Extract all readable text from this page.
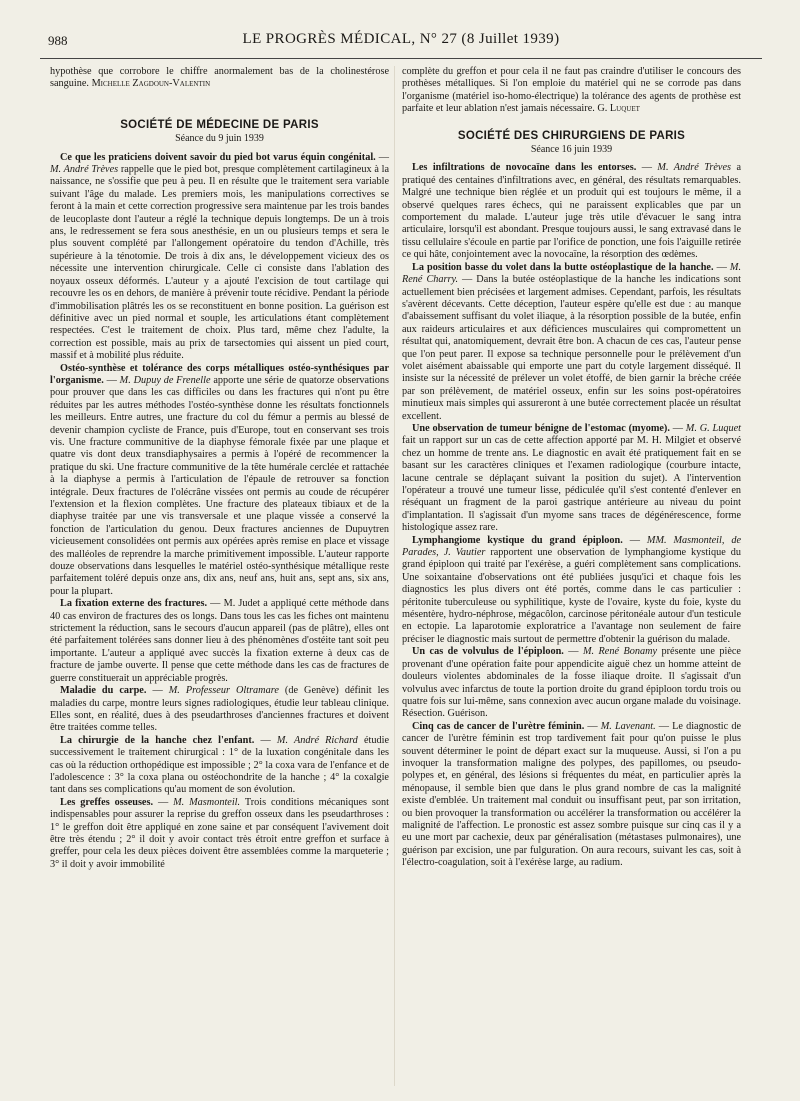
988	LE PROGRÈS MÉDICAL, N° 27 (8 Juillet 1939)

hypothèse que corrobore le chiffre anormalement bas de la cholinestérose sanguine. Michelle Zagdoun-Valentin

SOCIÉTÉ DE MÉDECINE DE PARIS
Séance du 9 juin 1939

Ce que les praticiens doivent savoir du pied bot varus équin congénital. — M. André Trèves rappelle que le pied bot, presque complètement cartilagineux à la naissance, ne s'ossifie que peu à peu. Il en résulte que le traitement sera variable suivant l'âge du malade. Les premiers mois, les manipulations correctives se feront à la main et cette correction progressive sera maintenue par les trois bandes de leucoplaste dont l'auteur a réglé la technique depuis longtemps. De un à trois ans, le redressement se fera sous anesthésie, en un ou plusieurs temps et sera le plus souvent complété par l'allongement opératoire du tendon d'Achille, très supérieure à la ténotomie. De trois à dix ans, le développement vicieux des os nécessite une intervention chirurgicale. Celle ci consiste dans l'ablation des noyaux osseux déformés. L'auteur y a ajouté l'excision de tout cartilage qui recouvre les os en dehors, de manière à prévenir toute récidive. Pendant la période d'immobilisation plâtrés les os se reconstituent en bonne position. La guérison est définitive avec un pied normal et souple, les articulations étant complètement respectées. C'est le traitement de choix. Plus tard, même chez l'adulte, la correction est possible, mais au prix de tarsectomies qui aissent un pied court, massif et à mobilité plus réduite.

Ostéo-synthèse et tolérance des corps métalliques ostéo-synthésiques par l'organisme. — M. Dupuy de Frenelle apporte une série de quatorze observations pour prouver que dans les cas difficiles ou dans les fractures qui n'ont pu être réduites par les autres méthodes l'ostéo-synthèse donne les résultats fonctionnels les meilleurs. Entre autres, une fracture du col du fémur a permis au blessé de devenir champion cycliste de France, puis d'Europe, tout en conservant ses trois vis. Une fracture communitive de la diaphyse fémorale fixée par une plaque et quatre vis dont deux transdiaphysaires a permis à l'opéré de recommencer la pratique du ski. Une fracture communitive de la tête humérale cerclée et rattachée à la diaphyse a permis à l'articulation de l'épaule de retrouver sa fonction intégrale. Deux fractures de l'olécrâne vissées ont permis au coude de récupérer l'extension et la flexion complètes. Une fracture des plateaux tibiaux et de la diaphyse traitée par une vis transversale et une plaque vissée a conservé la fonction de l'articulation du genou. Deux fractures anciennes de Dupuytren vicieusement consolidées ont permis aux opérées après remise en place et vissage des malléoles de reprendre la marche primitivement impossible. L'auteur rapporte douze observations dans lesquelles le matériel ostéo-synthésique métallique reste parfaitement toléré depuis onze ans, dix ans, neuf ans, huit ans, sept ans, six ans, pour la plupart.

La fixation externe des fractures. — M. Judet a appliqué cette méthode dans 40 cas environ de fractures des os longs. Dans tous les cas les fiches ont maintenu strictement la réduction, sans le secours d'aucun appareil (pas de plâtre), elles ont été parfaitement tolérées sans donner lieu à des phénomènes d'ostéite tant soit peu importante. L'auteur a appliqué avec succès la fixation externe à deux cas de fracture de jambe ouverte. Il pense que cette méthode dans les cas de fractures de guerre constituerait un appréciable progrès.

Maladie du carpe. — M. Professeur Oltramare (de Genève) définit les maladies du carpe, montre leurs signes radiologiques, étudie leur tableau clinique. Elles sont, en réalité, dues à des pseudarthroses d'anciennes fractures et doivent être traitées comme telles.

La chirurgie de la hanche chez l'enfant. — M. André Richard étudie successivement le traitement chirurgical : 1° de la luxation congénitale dans les cas où la réduction orthopédique est impossible ; 2° la coxa vara de l'enfance et de l'adolescence : 3° la coxa plana ou ostéochondrite de la hanche ; 4° la coxalgie tant dans ses complications qu'au moment de son évolution.

Les greffes osseuses. — M. Masmonteil. Trois conditions mécaniques sont indispensables pour assurer la reprise du greffon osseux dans les pseudarthroses : 1° le greffon doit être appliqué en zone saine et par conséquent l'avivement doit être très étendu ; 2° il doit y avoir contact très étroit entre greffon et surface à greffer, pour cela les deux pièces doivent être assemblées comme la marqueterie ; 3° il doit y avoir immobilité

complète du greffon et pour cela il ne faut pas craindre d'utiliser le concours des prothèses métalliques. Si l'on emploie du matériel qui ne se corrode pas dans l'organisme (matériel iso-homo-électrique) la tolérance des agents de prothèse est parfaite et leur ablation n'est jamais nécessaire. G. Luquet

SOCIÉTÉ DES CHIRURGIENS DE PARIS
Séance 16 juin 1939

Les infiltrations de novocaïne dans les entorses. — M. André Trèves a pratiqué des centaines d'infiltrations avec, en général, des résultats remarquables. Malgré une technique bien réglée et un produit qui est toujours le même, il a observé quelques rares échecs, qui ne paraissent explicables que par un comportement du malade. L'auteur juge très utile d'évacuer le sang intra articulaire, lorsqu'il est abondant. Presque toujours aussi, le sang extravasé dans le tissu cellulaire s'écoule en partie par l'orifice de ponction, une fois l'aiguille retirée ce qui hâte, conjointement avec la novocaïne, la résorption des œdèmes.

La position basse du volet dans la butte ostéoplastique de la hanche. — M. René Charry. — Dans la butée ostéoplastique de la hanche les indications sont actuellement bien précisées et largement admises. Cependant, parfois, les résultats s'avèrent décevants. Cette déception, l'auteur espère qu'elle est due : au manque d'abaissement suffisant du volet iliaque, à la résorption possible de la butée, enfin aux raideurs articulaires et aux déficiences musculaires qui compromettent un résultat qui, anatomiquement, devrait être bon. A chacun de ces cas, l'auteur pense que l'on peut parer. Il expose sa technique personnelle pour le prélèvement d'un volet aisément abaissable qui emporte une part du cotyle largement disséqué. Il insiste sur la nécessité de prélever un volet étoffé, de bien garnir la brèche créée par son prélèvement, de matériel osseux, enfin sur les soins post-opératoires minutieux mais simples qui assureront à une butée correctement placée un résultat excellent.

Une observation de tumeur bénigne de l'estomac (myome). — M. G. Luquet fait un rapport sur un cas de cette affection apporté par M. H. Milgiet et observé chez un homme de trente ans. Le diagnostic en avait été pratiquement fait en se basant sur les caractères cliniques et l'examen radiologique (courbure intacte, lacune centrale se déplaçant suivant la position du sujet). A l'intervention l'opérateur a trouvé une tumeur lisse, pédiculée qu'il s'est contenté d'enlever en réséquant un fragment de la paroi gastrique antérieure au niveau du point d'implantation. Il s'agissait d'un myome sans traces de dégénérescence, forme histologique assez rare.

Lymphangiome kystique du grand épiploon. — MM. Masmonteil, de Parades, J. Vautier rapportent une observation de lymphangiome kystique du grand épiploon qui traité par l'exérèse, a guéri complètement sans complications. Une soixantaine d'observations ont été publiées jusqu'ici et chaque fois les diagnostics les plus divers ont été portés, comme dans le cas particulier : péritonite tuberculeuse ou syphilitique, kyste de l'ovaire, kyste du foie, kyste du mésentère, hydro-néphrose, mégacôlon, carcinose péritonéale autour d'un testicule en ectopie. La laparotomie exploratrice a l'avantage non seulement de faire préciser le diagnostic mais surtout de permettre d'obtenir la guérison du malade.

Un cas de volvulus de l'épiploon. — M. René Bonamy présente une pièce provenant d'une opération faite pour appendicite aiguë chez un homme atteint de douleurs violentes abdominales de la fosse iliaque droite. Il s'agissait d'un volvulus avec infarctus de toute la portion droite du grand épiploon tordu trois ou quatre fois sur lui-même, sans connexion avec aucun organe malade du voisinage. Résection. Guérison.

Cinq cas de cancer de l'urètre féminin. — M. Lavenant. — Le diagnostic de cancer de l'urètre féminin est trop tardivement fait pour qu'on puisse le plus souvent déterminer le point de départ exact sur la muqueuse. Aussi, si l'on a pu invoquer la transformation maligne des polypes, des papillomes, ou pseudo-polypes et, en général, des lésions si fréquentes du méat, en particulier après la ménopause, il semble bien que dans le plus grand nombre de cas la malignité existe d'emblée. Un traitement mal conduit ou insuffisant peut, par son irritation, ou bien provoquer la transformation ou accélérer la transformation ou accélérer la malignité de l'affection. Le pronostic est assez sombre puisque sur cinq cas il y a eu une mort par cachexie, deux par généralisation (métastases pulmonaires), une guérison par excision, une par fulguration. On aura recours, suivant les cas, soit à l'électro-coagulation, soit à l'exérèse large, au radium.
